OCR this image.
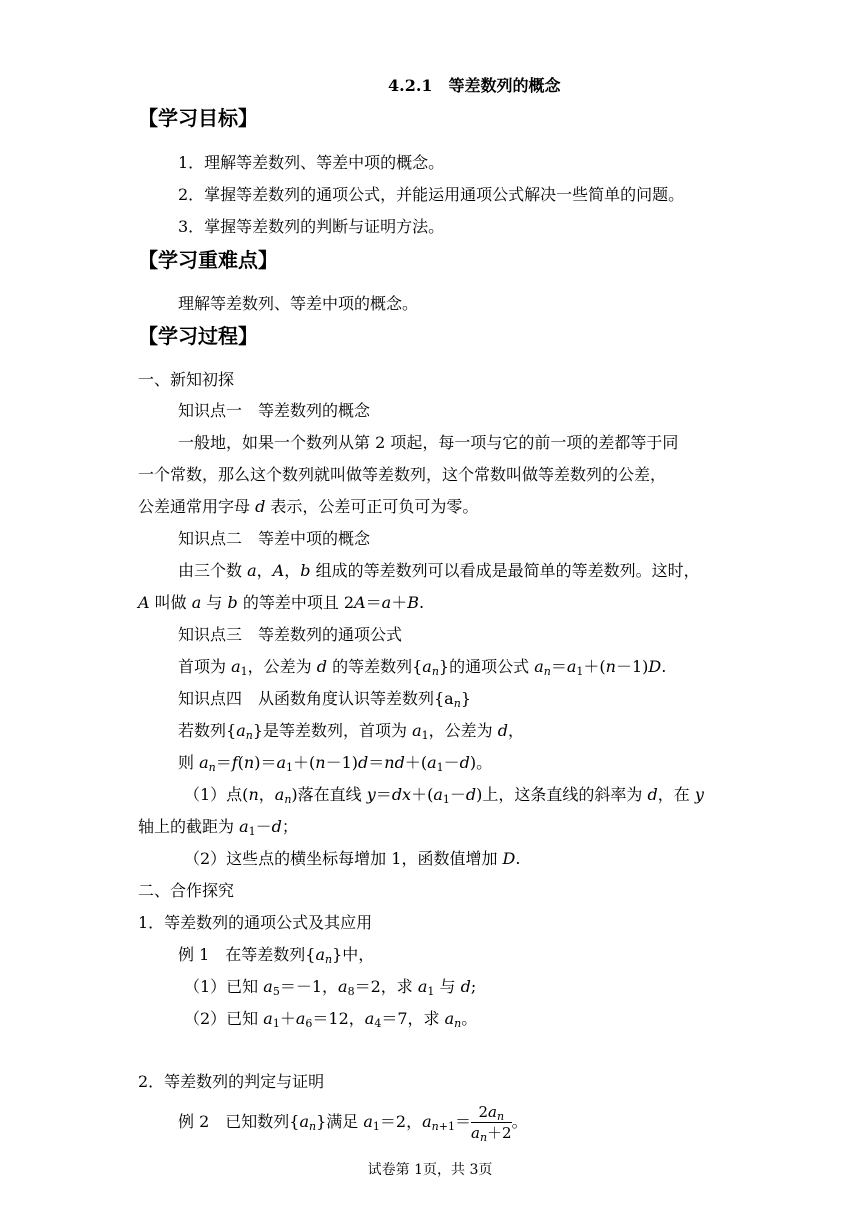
4.2.1　等差数列的概念
【学习目标】
1．理解等差数列、等差中项的概念。
2．掌握等差数列的通项公式，并能运用通项公式解决一些简单的问题。
3．掌握等差数列的判断与证明方法。
【学习重难点】
理解等差数列、等差中项的概念。
【学习过程】
一、新知初探
知识点一　等差数列的概念
一般地，如果一个数列从第 2 项起，每一项与它的前一项的差都等于同
一个常数，那么这个数列就叫做等差数列，这个常数叫做等差数列的公差，
公差通常用字母 d 表示，公差可正可负可为零。
知识点二　等差中项的概念
由三个数 a，A，b 组成的等差数列可以看成是最简单的等差数列。这时，
A 叫做 a 与 b 的等差中项且 2A＝a＋B.
知识点三　等差数列的通项公式
首项为 $a_1$，公差为 d 的等差数列$\{a_n\}$的通项公式 $a_n=a_1+(n-1)D$.
知识点四　从函数角度认识等差数列$\{a_n\}$
若数列$\{a_n\}$是等差数列，首项为 $a_1$，公差为 d，
则 $a_n=f(n)=a_1+(n-1)d=nd+(a_1-d)$。
（1）点(n，$a_n$)落在直线 $y=dx+(a_1-d)$上，这条直线的斜率为 d，在 y
轴上的截距为 $a_1-d$；
（2）这些点的横坐标每增加 1，函数值增加 D.
二、合作探究
1．等差数列的通项公式及其应用
例 1　在等差数列$\{a_n\}$中，
（1）已知 $a_5=-1$，$a_8=2$，求 $a_1$ 与 d;
（2）已知 $a_1+a_6=12$，$a_4=7$，求 $a_n$。
2．等差数列的判定与证明
例 2　已知数列$\{a_n\}$满足 $a_1=2$，$a_{n+1}= \frac{2a_n}{a_n+2}$ 。
试卷第 1页，共 3页
